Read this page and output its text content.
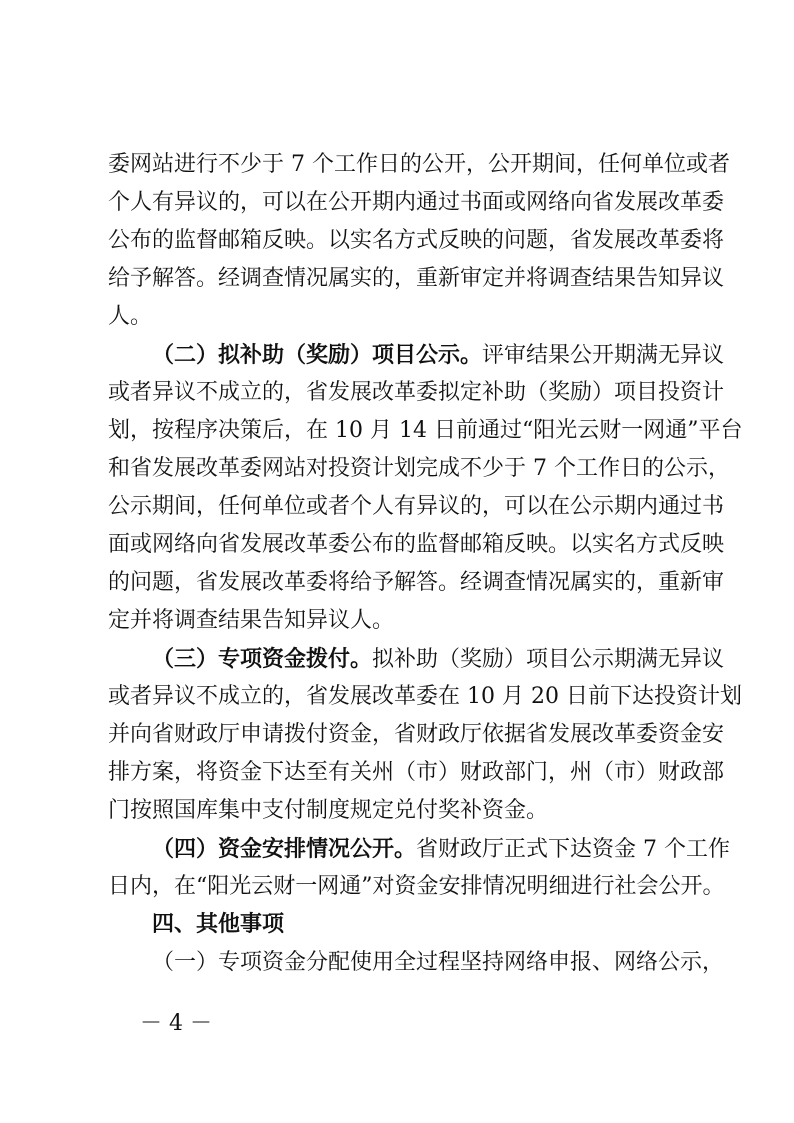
委网站进行不少于 7 个工作日的公开，公开期间，任何单位或者
个人有异议的，可以在公开期内通过书面或网络向省发展改革委
公布的监督邮箱反映。以实名方式反映的问题，省发展改革委将
给予解答。经调查情况属实的，重新审定并将调查结果告知异议
人。
（二）拟补助（奖励）项目公示。评审结果公开期满无异议
或者异议不成立的，省发展改革委拟定补助（奖励）项目投资计
划，按程序决策后，在 10 月 14 日前通过“阳光云财一网通”平台
和省发展改革委网站对投资计划完成不少于 7 个工作日的公示，
公示期间，任何单位或者个人有异议的，可以在公示期内通过书
面或网络向省发展改革委公布的监督邮箱反映。以实名方式反映
的问题，省发展改革委将给予解答。经调查情况属实的，重新审
定并将调查结果告知异议人。
（三）专项资金拨付。拟补助（奖励）项目公示期满无异议
或者异议不成立的，省发展改革委在 10 月 20 日前下达投资计划
并向省财政厅申请拨付资金，省财政厅依据省发展改革委资金安
排方案，将资金下达至有关州（市）财政部门，州（市）财政部
门按照国库集中支付制度规定兑付奖补资金。
（四）资金安排情况公开。省财政厅正式下达资金 7 个工作
日内，在“阳光云财一网通”对资金安排情况明细进行社会公开。
四、其他事项
（一）专项资金分配使用全过程坚持网络申报、网络公示，
－ 4 －
